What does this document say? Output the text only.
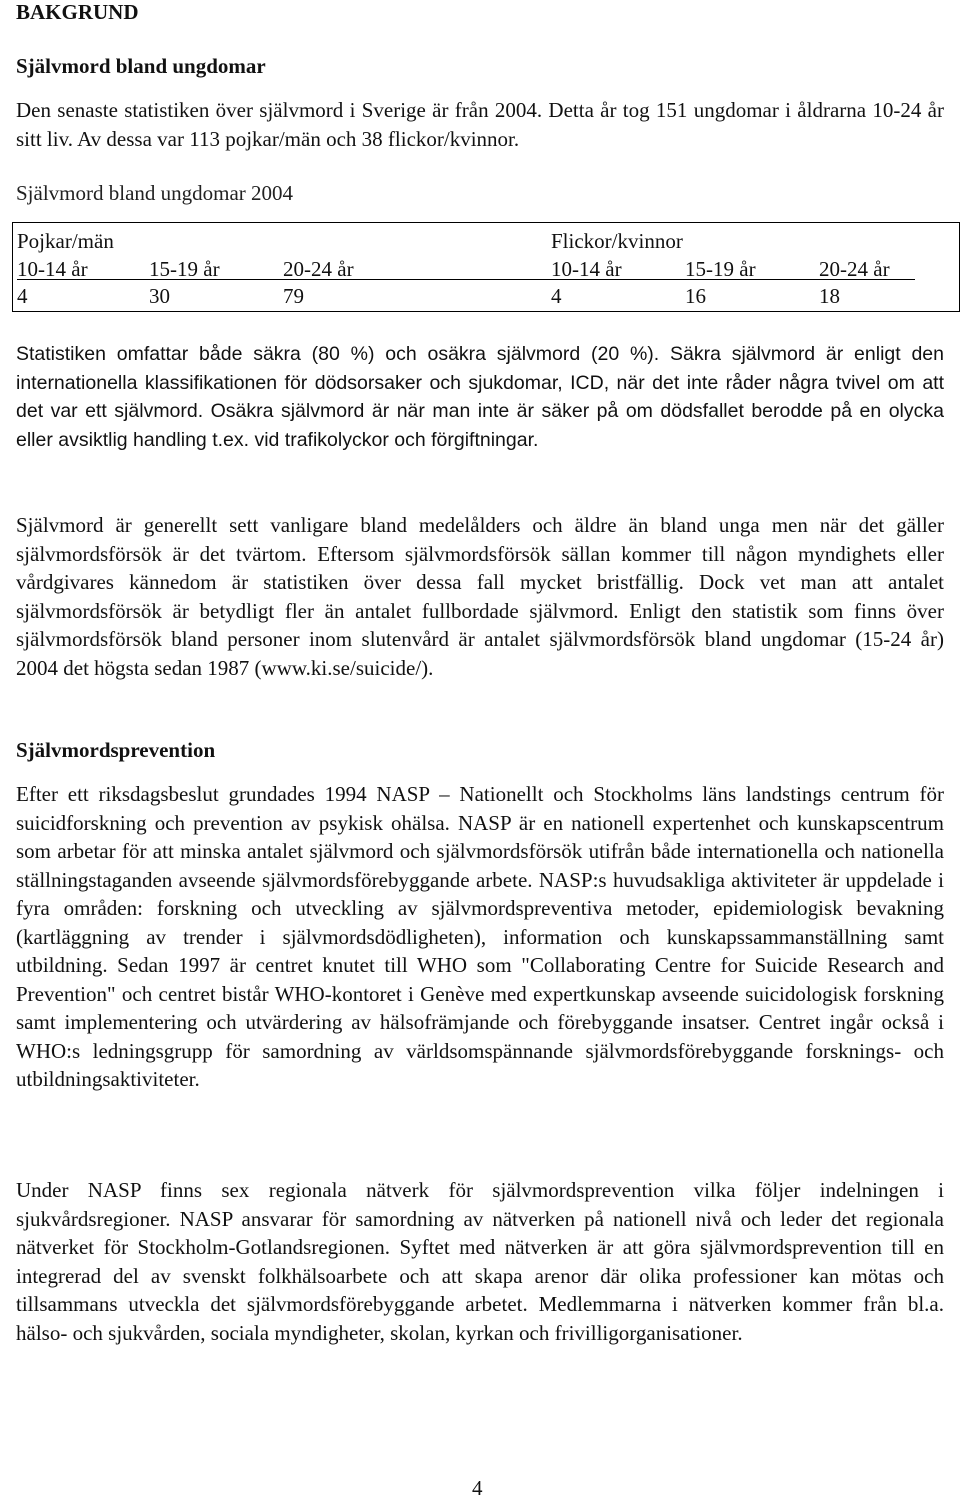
BAKGRUND
Självmord bland ungdomar

Den senaste statistiken över självmord i Sverige är från 2004. Detta år tog 151 ungdomar i åldrarna 10-24 år sitt liv. Av dessa var 113 pojkar/män och 38 flickor/kvinnor.

Självmord bland ungdomar 2004
Pojkar/män	Flickor/kvinnor
10-14 år	15-19 år	20-24 år	10-14 år	15-19 år	20-24 år
4	30	79	4	16	18

Statistiken omfattar både säkra (80 %) och osäkra självmord (20 %). Säkra självmord är enligt den internationella klassifikationen för dödsorsaker och sjukdomar, ICD, när det inte råder några tvivel om att det var ett självmord. Osäkra självmord är när man inte är säker på om dödsfallet berodde på en olycka eller avsiktlig handling t.ex. vid trafikolyckor och förgiftningar.

Självmord är generellt sett vanligare bland medelålders och äldre än bland unga men när det gäller självmordsförsök är det tvärtom. Eftersom självmordsförsök sällan kommer till någon myndighets eller vårdgivares kännedom är statistiken över dessa fall mycket bristfällig. Dock vet man att antalet självmordsförsök är betydligt fler än antalet fullbordade självmord. Enligt den statistik som finns över självmordsförsök bland personer inom slutenvård är antalet självmordsförsök bland ungdomar (15-24 år) 2004 det högsta sedan 1987 (www.ki.se/suicide/).

Självmordsprevention

Efter ett riksdagsbeslut grundades 1994 NASP – Nationellt och Stockholms läns landstings centrum för suicidforskning och prevention av psykisk ohälsa. NASP är en nationell expertenhet och kunskapscentrum som arbetar för att minska antalet självmord och självmordsförsök utifrån både internationella och nationella ställningstaganden avseende självmordsförebyggande arbete. NASP:s huvudsakliga aktiviteter är uppdelade i fyra områden: forskning och utveckling av självmordspreventiva metoder, epidemiologisk bevakning (kartläggning av trender i självmordsdödligheten), information och kunskapssammanställning samt utbildning. Sedan 1997 är centret knutet till WHO som "Collaborating Centre for Suicide Research and Prevention" och centret bistår WHO-kontoret i Genève med expertkunskap avseende suicidologisk forskning samt implementering och utvärdering av hälsofrämjande och förebyggande insatser. Centret ingår också i WHO:s ledningsgrupp för samordning av världsomspännande självmordsförebyggande forsknings- och utbildningsaktiviteter.

Under NASP finns sex regionala nätverk för självmordsprevention vilka följer indelningen i sjukvårdsregioner. NASP ansvarar för samordning av nätverken på nationell nivå och leder det regionala nätverket för Stockholm-Gotlandsregionen. Syftet med nätverken är att göra självmordsprevention till en integrerad del av svenskt folkhälsoarbete och att skapa arenor där olika professioner kan mötas och tillsammans utveckla det självmordsförebyggande arbetet. Medlemmarna i nätverken kommer från bl.a. hälso- och sjukvården, sociala myndigheter, skolan, kyrkan och frivilligorganisationer.

4
